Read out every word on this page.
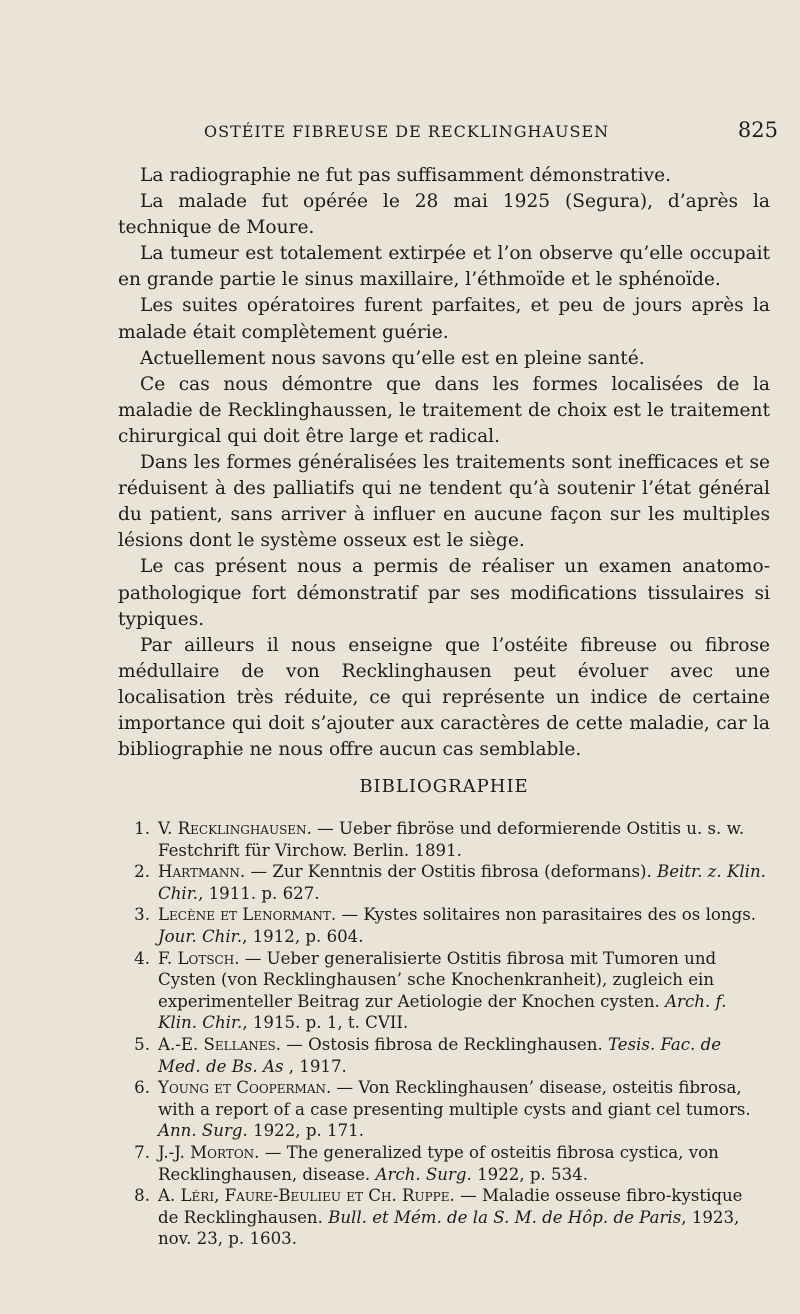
OSTÉITE FIBREUSE DE RECKLINGHAUSEN	825

La radiographie ne fut pas suffisamment démonstrative.

La malade fut opérée le 28 mai 1925 (Segura), d’après la technique de Moure.

La tumeur est totalement extirpée et l’on observe qu’elle occupait en grande partie le sinus maxillaire, l’éthmoïde et le sphénoïde.

Les suites opératoires furent parfaites, et peu de jours après la malade était complètement guérie.

Actuellement nous savons qu’elle est en pleine santé.

Ce cas nous démontre que dans les formes localisées de la maladie de Recklinghaussen, le traitement de choix est le traitement chirurgical qui doit être large et radical.

Dans les formes généralisées les traitements sont inefficaces et se réduisent à des palliatifs qui ne tendent qu’à soutenir l’état général du patient, sans arriver à influer en aucune façon sur les multiples lésions dont le système osseux est le siège.

Le cas présent nous a permis de réaliser un examen anatomo-pathologique fort démonstratif par ses modifications tissulaires si typiques.

Par ailleurs il nous enseigne que l’ostéite fibreuse ou fibrose médullaire de von Recklinghausen peut évoluer avec une localisation très réduite, ce qui représente un indice de certaine importance qui doit s’ajouter aux caractères de cette maladie, car la bibliographie ne nous offre aucun cas semblable.

BIBLIOGRAPHIE
1. V. Recklinghausen. — Ueber fibröse und deformierende Ostitis u. s. w. Festchrift für Virchow. Berlin. 1891.
2. Hartmann. — Zur Kenntnis der Ostitis fibrosa (deformans). Beitr. z. Klin. Chir., 1911. p. 627.
3. Lecène et Lenormant. — Kystes solitaires non parasitaires des os longs. Jour. Chir., 1912, p. 604.
4. F. Lotsch. — Ueber generalisierte Ostitis fibrosa mit Tumoren und Cysten (von Recklinghausen’ sche Knochenkranheit), zugleich ein experimenteller Beitrag zur Aetiologie der Knochen cysten. Arch. f. Klin. Chir., 1915. p. 1, t. CVII.
5. A.-E. Sellanes. — Ostosis fibrosa de Recklinghausen. Tesis. Fac. de Med. de Bs. As , 1917.
6. Young et Cooperman. — Von Recklinghausen’ disease, osteitis fibrosa, with a report of a case presenting multiple cysts and giant cel tumors. Ann. Surg. 1922, p. 171.
7. J.-J. Morton. — The generalized type of osteitis fibrosa cystica, von Recklinghausen, disease. Arch. Surg. 1922, p. 534.
8. A. Léri, Faure-Beulieu et Ch. Ruppe. — Maladie osseuse fibro-kystique de Recklinghausen. Bull. et Mém. de la S. M. de Hôp. de Paris, 1923, nov. 23, p. 1603.
